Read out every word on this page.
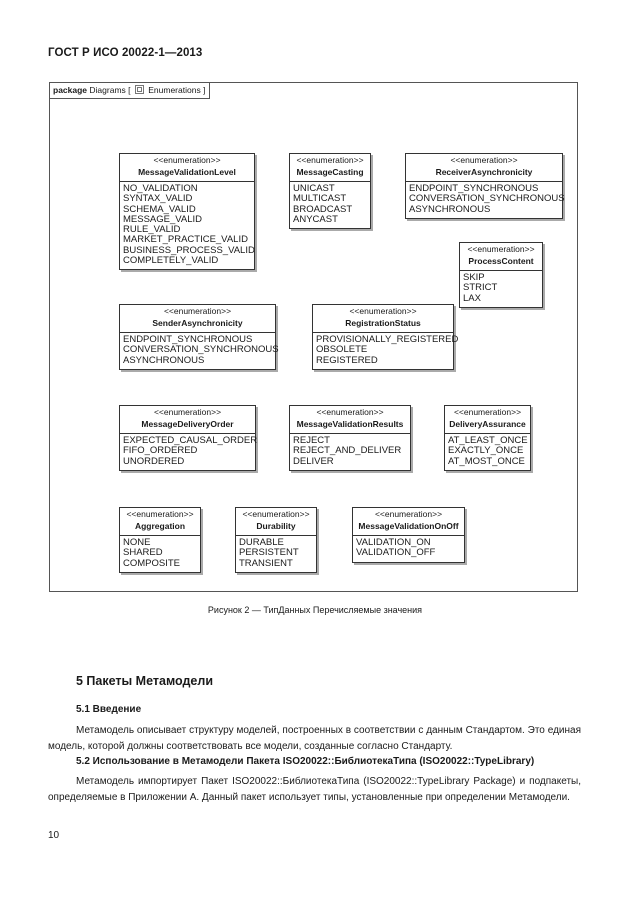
ГОСТ Р ИСО 20022-1—2013
package Diagrams [ Enumerations ]
<<enumeration>>
MessageValidationLevel
NO_VALIDATION
SYNTAX_VALID
SCHEMA_VALID
MESSAGE_VALID
RULE_VALID
MARKET_PRACTICE_VALID
BUSINESS_PROCESS_VALID
COMPLETELY_VALID
<<enumeration>>
MessageCasting
UNICAST
MULTICAST
BROADCAST
ANYCAST
<<enumeration>>
ReceiverAsynchronicity
ENDPOINT_SYNCHRONOUS
CONVERSATION_SYNCHRONOUS
ASYNCHRONOUS
<<enumeration>>
ProcessContent
SKIP
STRICT
LAX
<<enumeration>>
SenderAsynchronicity
ENDPOINT_SYNCHRONOUS
CONVERSATION_SYNCHRONOUS
ASYNCHRONOUS
<<enumeration>>
RegistrationStatus
PROVISIONALLY_REGISTERED
OBSOLETE
REGISTERED
<<enumeration>>
MessageDeliveryOrder
EXPECTED_CAUSAL_ORDER
FIFO_ORDERED
UNORDERED
<<enumeration>>
MessageValidationResults
REJECT
REJECT_AND_DELIVER
DELIVER
<<enumeration>>
DeliveryAssurance
AT_LEAST_ONCE
EXACTLY_ONCE
AT_MOST_ONCE
<<enumeration>>
Aggregation
NONE
SHARED
COMPOSITE
<<enumeration>>
Durability
DURABLE
PERSISTENT
TRANSIENT
<<enumeration>>
MessageValidationOnOff
VALIDATION_ON
VALIDATION_OFF
Рисунок 2 — ТипДанных Перечисляемые значения
5 Пакеты Метамодели
5.1 Введение
Метамодель описывает структуру моделей, построенных в соответствии с данным Стандартом. Это единая модель, которой должны соответствовать все модели, созданные согласно Стандарту.
5.2 Использование в Метамодели Пакета ISO20022::БиблиотекаТипа (ISO20022::TypeLibrary)
Метамодель импортирует Пакет ISO20022::БиблиотекаТипа (ISO20022::TypeLibrary Package) и подпакеты, определяемые в Приложении А. Данный пакет использует типы, установленные при определении Метамодели.
10
